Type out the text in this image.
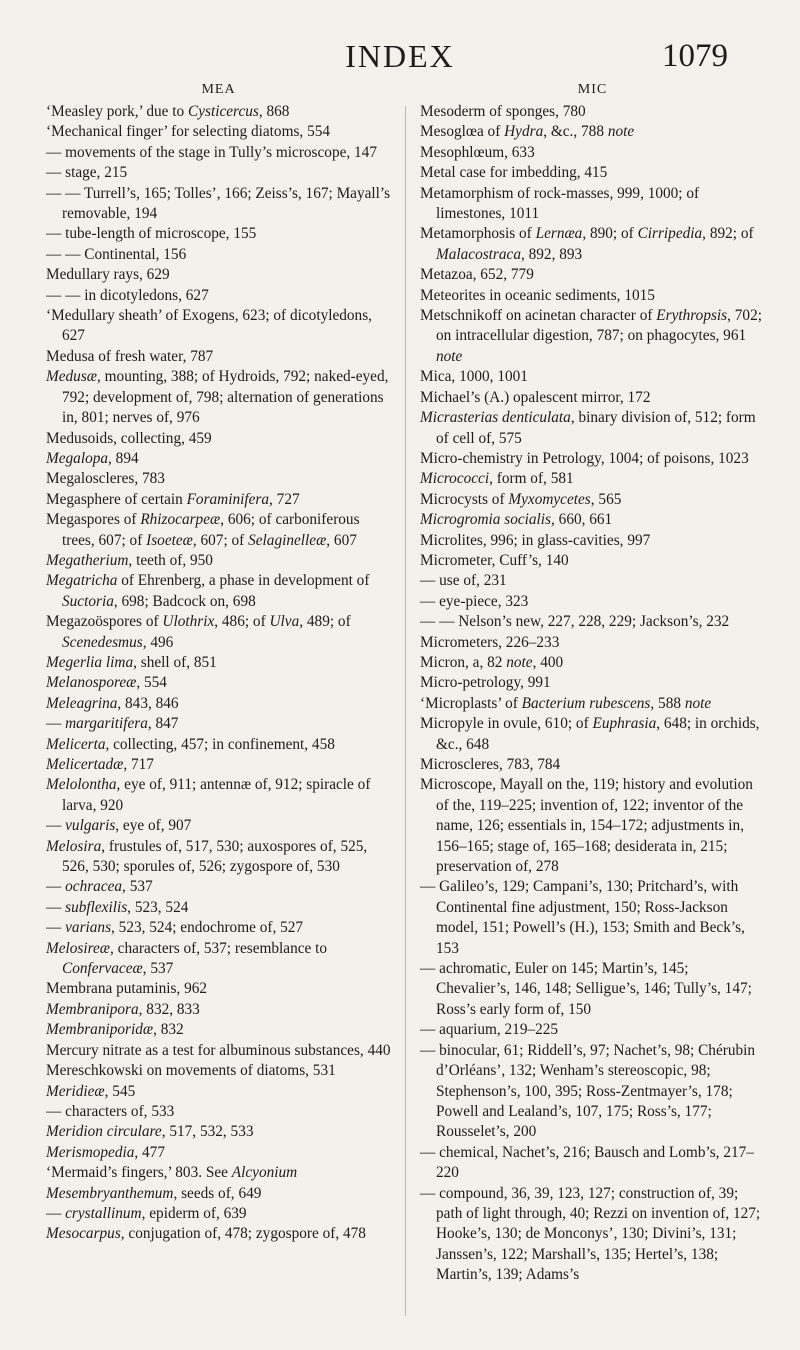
INDEX	1079
MEA

‘Measley pork,’ due to Cysticercus, 868

‘Mechanical finger’ for selecting diatoms, 554

— movements of the stage in Tully’s microscope, 147

— stage, 215

— — Turrell’s, 165; Tolles’, 166; Zeiss’s, 167; Mayall’s removable, 194

— tube-length of microscope, 155

— — Continental, 156

Medullary rays, 629

— — in dicotyledons, 627

‘Medullary sheath’ of Exogens, 623; of dicotyledons, 627

Medusa of fresh water, 787

Medusæ, mounting, 388; of Hydroids, 792; naked-eyed, 792; development of, 798; alternation of generations in, 801; nerves of, 976

Medusoids, collecting, 459

Megalopa, 894

Megaloscleres, 783

Megasphere of certain Foraminifera, 727

Megaspores of Rhizocarpeæ, 606; of carboniferous trees, 607; of Isoeteæ, 607; of Selaginelleæ, 607

Megatherium, teeth of, 950

Megatricha of Ehrenberg, a phase in development of Suctoria, 698; Badcock on, 698

Megazoöspores of Ulothrix, 486; of Ulva, 489; of Scenedesmus, 496

Megerlia lima, shell of, 851

Melanosporeæ, 554

Meleagrina, 843, 846

— margaritifera, 847

Melicerta, collecting, 457; in confinement, 458

Melicertadæ, 717

Melolontha, eye of, 911; antennæ of, 912; spiracle of larva, 920

— vulgaris, eye of, 907

Melosira, frustules of, 517, 530; auxospores of, 525, 526, 530; sporules of, 526; zygospore of, 530

— ochracea, 537

— subflexilis, 523, 524

— varians, 523, 524; endochrome of, 527

Melosireæ, characters of, 537; resemblance to Confervaceæ, 537

Membrana putaminis, 962

Membranipora, 832, 833

Membraniporidæ, 832

Mercury nitrate as a test for albuminous substances, 440

Mereschkowski on movements of diatoms, 531

Meridieæ, 545

— characters of, 533

Meridion circulare, 517, 532, 533

Merismopedia, 477

‘Mermaid’s fingers,’ 803. See Alcyonium

Mesembryanthemum, seeds of, 649

— crystallinum, epiderm of, 639

Mesocarpus, conjugation of, 478; zygospore of, 478

MIC

Mesoderm of sponges, 780

Mesoglœa of Hydra, &c., 788 note

Mesophlœum, 633

Metal case for imbedding, 415

Metamorphism of rock-masses, 999, 1000; of limestones, 1011

Metamorphosis of Lernæa, 890; of Cirripedia, 892; of Malacostraca, 892, 893

Metazoa, 652, 779

Meteorites in oceanic sediments, 1015

Metschnikoff on acinetan character of Erythropsis, 702; on intracellular digestion, 787; on phagocytes, 961 note

Mica, 1000, 1001

Michael’s (A.) opalescent mirror, 172

Micrasterias denticulata, binary division of, 512; form of cell of, 575

Micro-chemistry in Petrology, 1004; of poisons, 1023

Micrococci, form of, 581

Microcysts of Myxomycetes, 565

Microgromia socialis, 660, 661

Microlites, 996; in glass-cavities, 997

Micrometer, Cuff’s, 140

— use of, 231

— eye-piece, 323

— — Nelson’s new, 227, 228, 229; Jackson’s, 232

Micrometers, 226–233

Micron, a, 82 note, 400

Micro-petrology, 991

‘Microplasts’ of Bacterium rubescens, 588 note

Micropyle in ovule, 610; of Euphrasia, 648; in orchids, &c., 648

Microscleres, 783, 784

Microscope, Mayall on the, 119; history and evolution of the, 119–225; invention of, 122; inventor of the name, 126; essentials in, 154–172; adjustments in, 156–165; stage of, 165–168; desiderata in, 215; preservation of, 278

— Galileo’s, 129; Campani’s, 130; Pritchard’s, with Continental fine adjustment, 150; Ross-Jackson model, 151; Powell’s (H.), 153; Smith and Beck’s, 153

— achromatic, Euler on 145; Martin’s, 145; Chevalier’s, 146, 148; Selligue’s, 146; Tully’s, 147; Ross’s early form of, 150

— aquarium, 219–225

— binocular, 61; Riddell’s, 97; Nachet’s, 98; Chérubin d’Orléans’, 132; Wenham’s stereoscopic, 98; Stephenson’s, 100, 395; Ross-Zentmayer’s, 178; Powell and Lealand’s, 107, 175; Ross’s, 177; Rousselet’s, 200

— chemical, Nachet’s, 216; Bausch and Lomb’s, 217–220

— compound, 36, 39, 123, 127; construction of, 39; path of light through, 40; Rezzi on invention of, 127; Hooke’s, 130; de Monconys’, 130; Divini’s, 131; Janssen’s, 122; Marshall’s, 135; Hertel’s, 138; Martin’s, 139; Adams’s
